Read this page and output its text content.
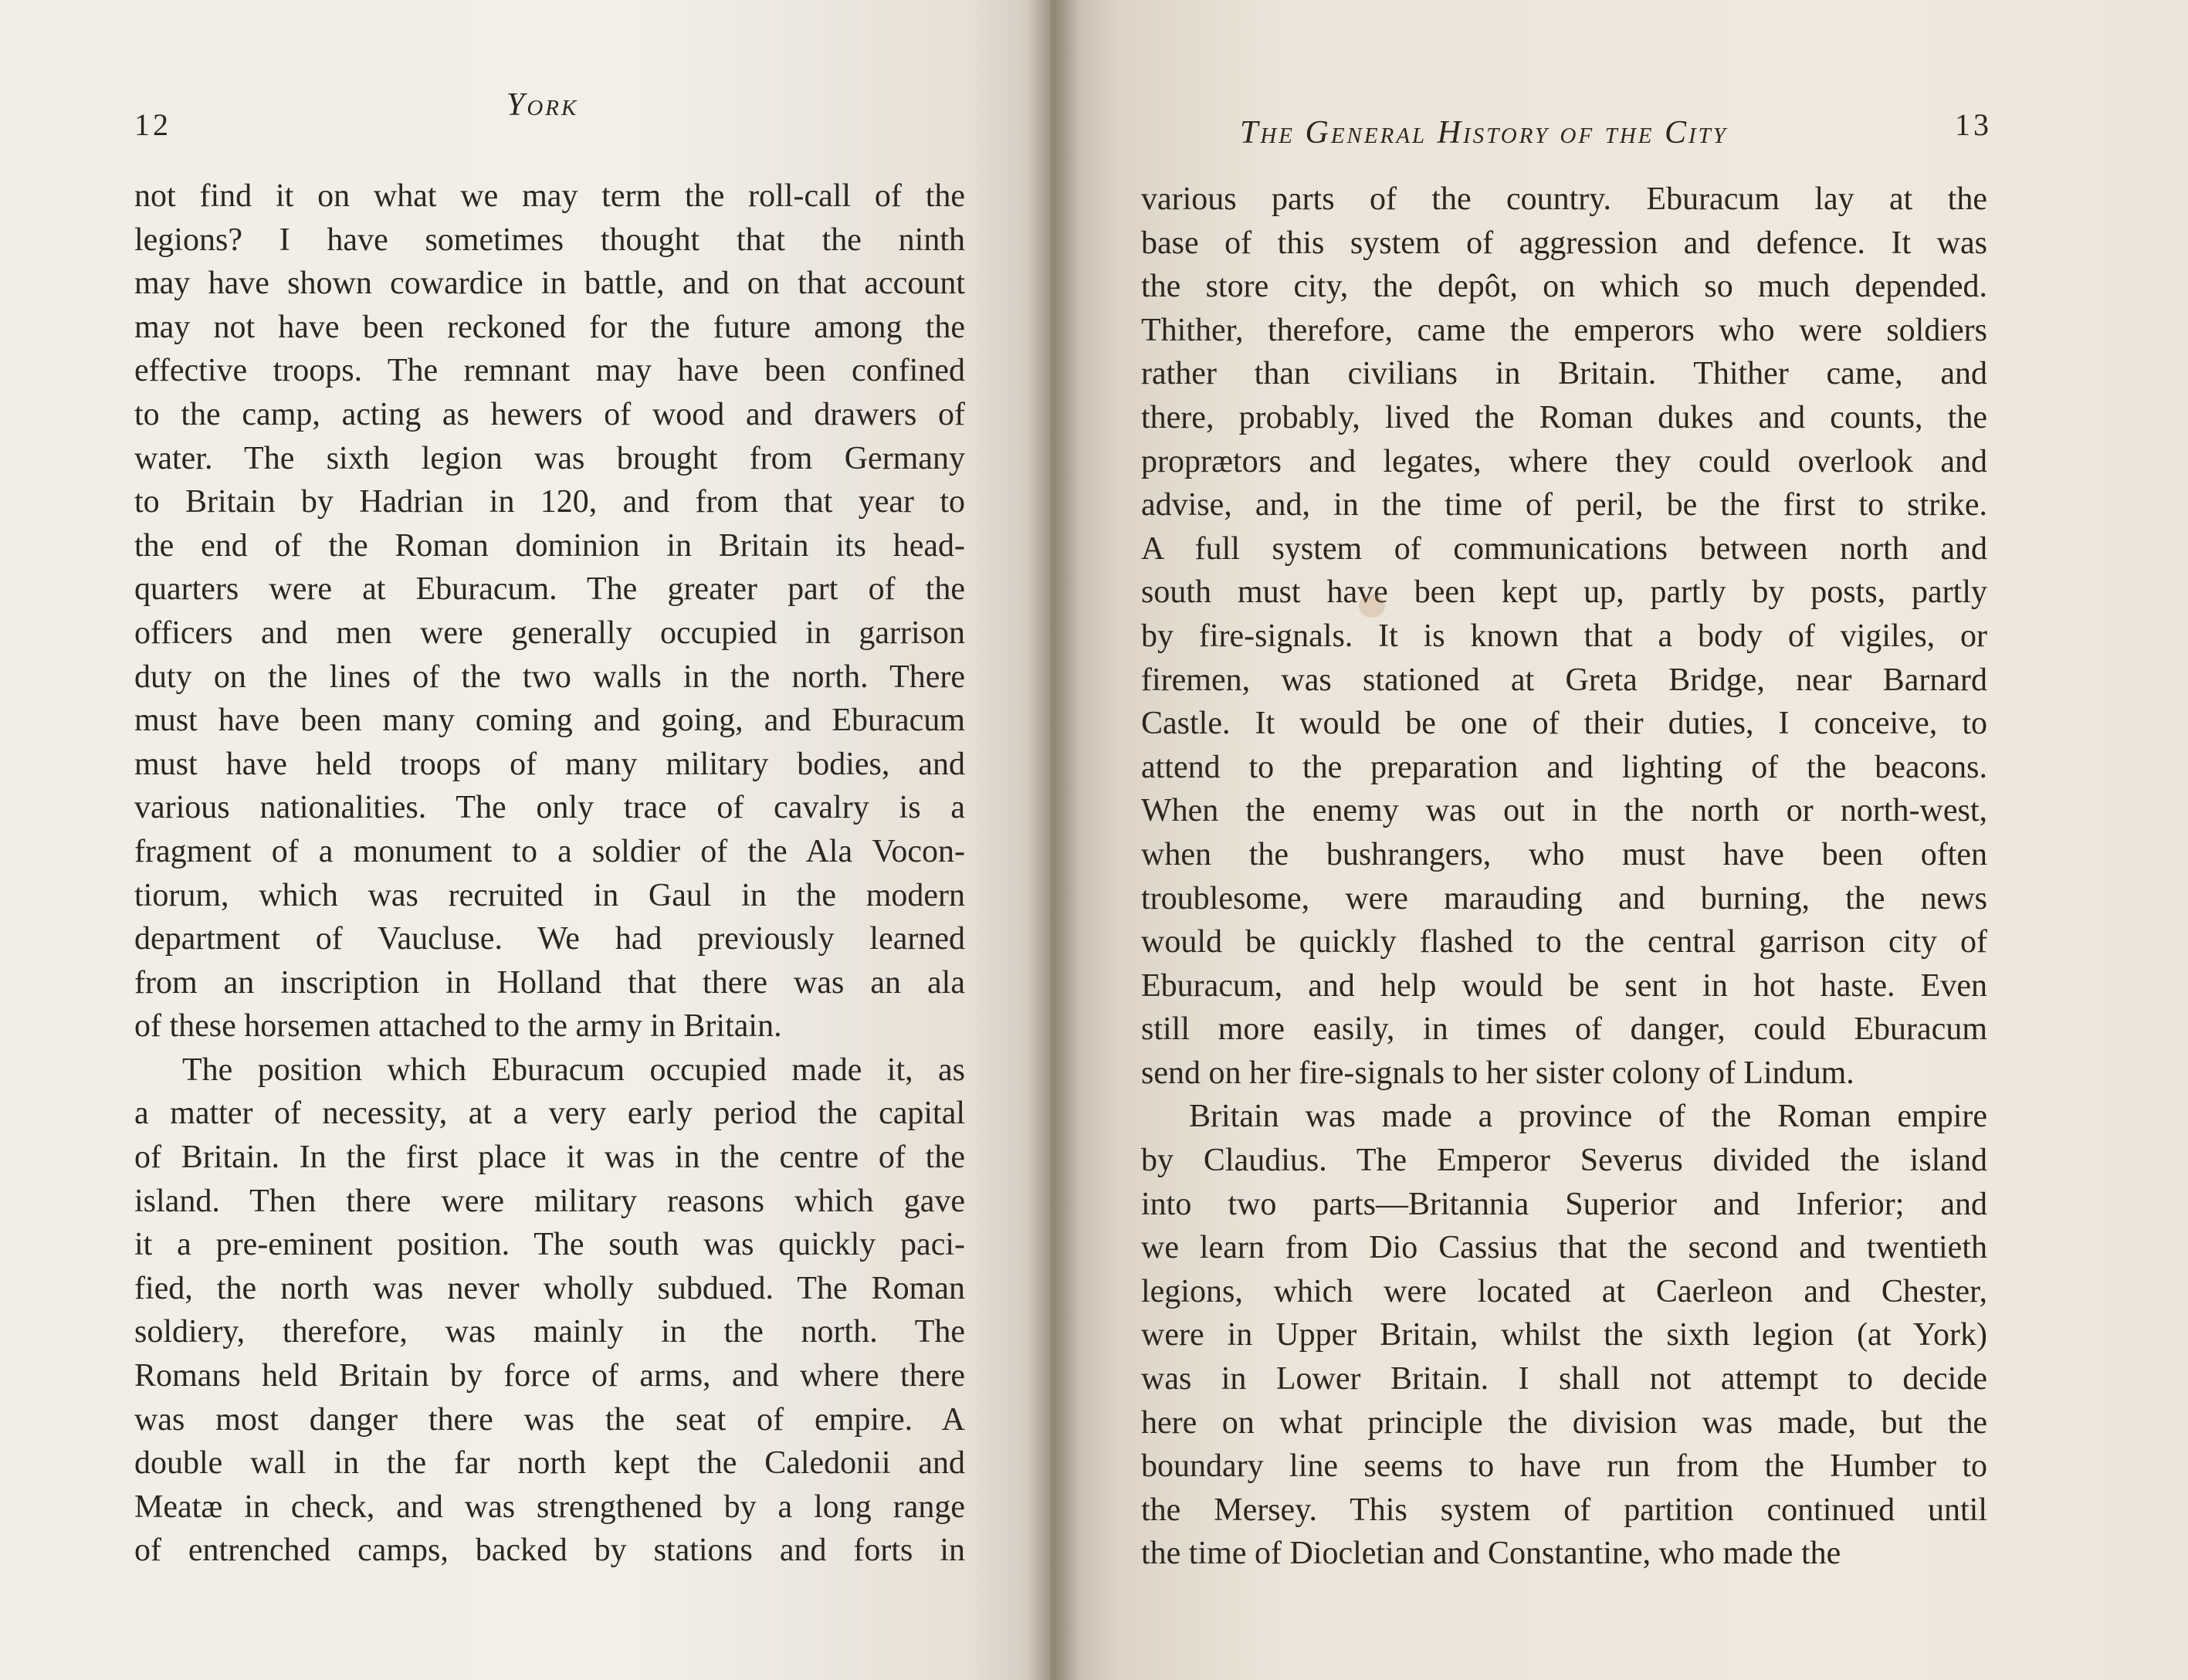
12
York

not find it on what we may term the roll-call of the
legions? I have sometimes thought that the ninth
may have shown cowardice in battle, and on that account
may not have been reckoned for the future among the
effective troops. The remnant may have been confined
to the camp, acting as hewers of wood and drawers of
water. The sixth legion was brought from Germany
to Britain by Hadrian in 120, and from that year to
the end of the Roman dominion in Britain its head-
quarters were at Eburacum. The greater part of the
officers and men were generally occupied in garrison
duty on the lines of the two walls in the north. There
must have been many coming and going, and Eburacum
must have held troops of many military bodies, and
various nationalities. The only trace of cavalry is a
fragment of a monument to a soldier of the Ala Vocon-
tiorum, which was recruited in Gaul in the modern
department of Vaucluse. We had previously learned
from an inscription in Holland that there was an ala
of these horsemen attached to the army in Britain.

The position which Eburacum occupied made it, as
a matter of necessity, at a very early period the capital
of Britain. In the first place it was in the centre of the
island. Then there were military reasons which gave
it a pre-eminent position. The south was quickly paci-
fied, the north was never wholly subdued. The Roman
soldiery, therefore, was mainly in the north. The
Romans held Britain by force of arms, and where there
was most danger there was the seat of empire. A
double wall in the far north kept the Caledonii and
Meatæ in check, and was strengthened by a long range
of entrenched camps, backed by stations and forts in

The General History of the City	13

various parts of the country. Eburacum lay at the
base of this system of aggression and defence. It was
the store city, the depôt, on which so much depended.
Thither, therefore, came the emperors who were soldiers
rather than civilians in Britain. Thither came, and
there, probably, lived the Roman dukes and counts, the
proprætors and legates, where they could overlook and
advise, and, in the time of peril, be the first to strike.
A full system of communications between north and
south must have been kept up, partly by posts, partly
by fire-signals. It is known that a body of vigiles, or
firemen, was stationed at Greta Bridge, near Barnard
Castle. It would be one of their duties, I conceive, to
attend to the preparation and lighting of the beacons.
When the enemy was out in the north or north-west,
when the bushrangers, who must have been often
troublesome, were marauding and burning, the news
would be quickly flashed to the central garrison city of
Eburacum, and help would be sent in hot haste. Even
still more easily, in times of danger, could Eburacum
send on her fire-signals to her sister colony of Lindum.

Britain was made a province of the Roman empire
by Claudius. The Emperor Severus divided the island
into two parts—Britannia Superior and Inferior; and
we learn from Dio Cassius that the second and twentieth
legions, which were located at Caerleon and Chester,
were in Upper Britain, whilst the sixth legion (at York)
was in Lower Britain. I shall not attempt to decide
here on what principle the division was made, but the
boundary line seems to have run from the Humber to
the Mersey. This system of partition continued until
the time of Diocletian and Constantine, who made the
